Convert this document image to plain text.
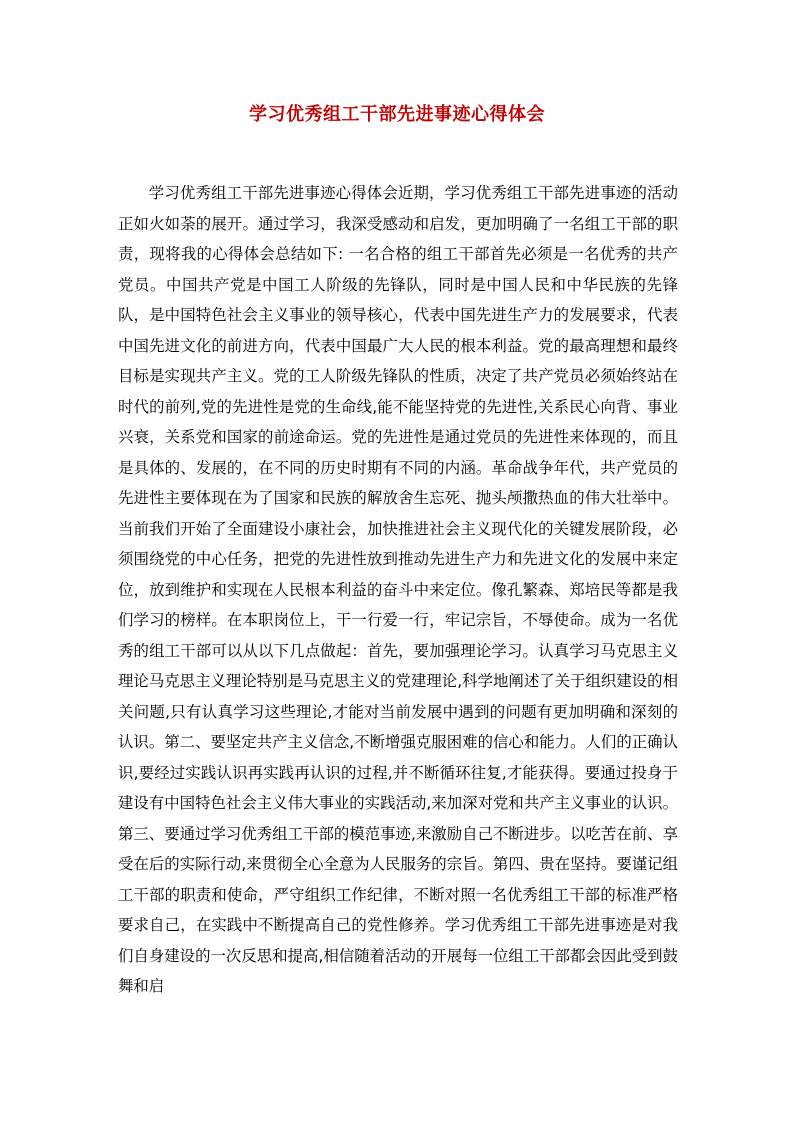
学习优秀组工干部先进事迹心得体会

学习优秀组工干部先进事迹心得体会近期，学习优秀组工干部先进事迹的活动正如火如荼的展开。通过学习，我深受感动和启发，更加明确了一名组工干部的职责，现将我的心得体会总结如下: 一名合格的组工干部首先必须是一名优秀的共产党员。中国共产党是中国工人阶级的先锋队，同时是中国人民和中华民族的先锋队，是中国特色社会主义事业的领导核心，代表中国先进生产力的发展要求，代表中国先进文化的前进方向，代表中国最广大人民的根本利益。党的最高理想和最终目标是实现共产主义。党的工人阶级先锋队的性质，决定了共产党员必须始终站在时代的前列,党的先进性是党的生命线,能不能坚持党的先进性,关系民心向背、事业兴衰，关系党和国家的前途命运。党的先进性是通过党员的先进性来体现的，而且是具体的、发展的，在不同的历史时期有不同的内涵。革命战争年代，共产党员的先进性主要体现在为了国家和民族的解放舍生忘死、抛头颅撒热血的伟大壮举中。当前我们开始了全面建设小康社会，加快推进社会主义现代化的关键发展阶段，必须围绕党的中心任务，把党的先进性放到推动先进生产力和先进文化的发展中来定位，放到维护和实现在人民根本利益的奋斗中来定位。像孔繁森、郑培民等都是我们学习的榜样。在本职岗位上，干一行爱一行，牢记宗旨，不辱使命。成为一名优秀的组工干部可以从以下几点做起：首先，要加强理论学习。认真学习马克思主义理论马克思主义理论特别是马克思主义的党建理论,科学地阐述了关于组织建设的相关问题,只有认真学习这些理论,才能对当前发展中遇到的问题有更加明确和深刻的认识。第二、要坚定共产主义信念,不断增强克服困难的信心和能力。人们的正确认识,要经过实践认识再实践再认识的过程,并不断循环往复,才能获得。要通过投身于建设有中国特色社会主义伟大事业的实践活动,来加深对党和共产主义事业的认识。第三、要通过学习优秀组工干部的模范事迹,来激励自己不断进步。以吃苦在前、享受在后的实际行动,来贯彻全心全意为人民服务的宗旨。第四、贵在坚持。要谨记组工干部的职责和使命，严守组织工作纪律，不断对照一名优秀组工干部的标准严格要求自己，在实践中不断提高自己的党性修养。学习优秀组工干部先进事迹是对我们自身建设的一次反思和提高,相信随着活动的开展每一位组工干部都会因此受到鼓舞和启
